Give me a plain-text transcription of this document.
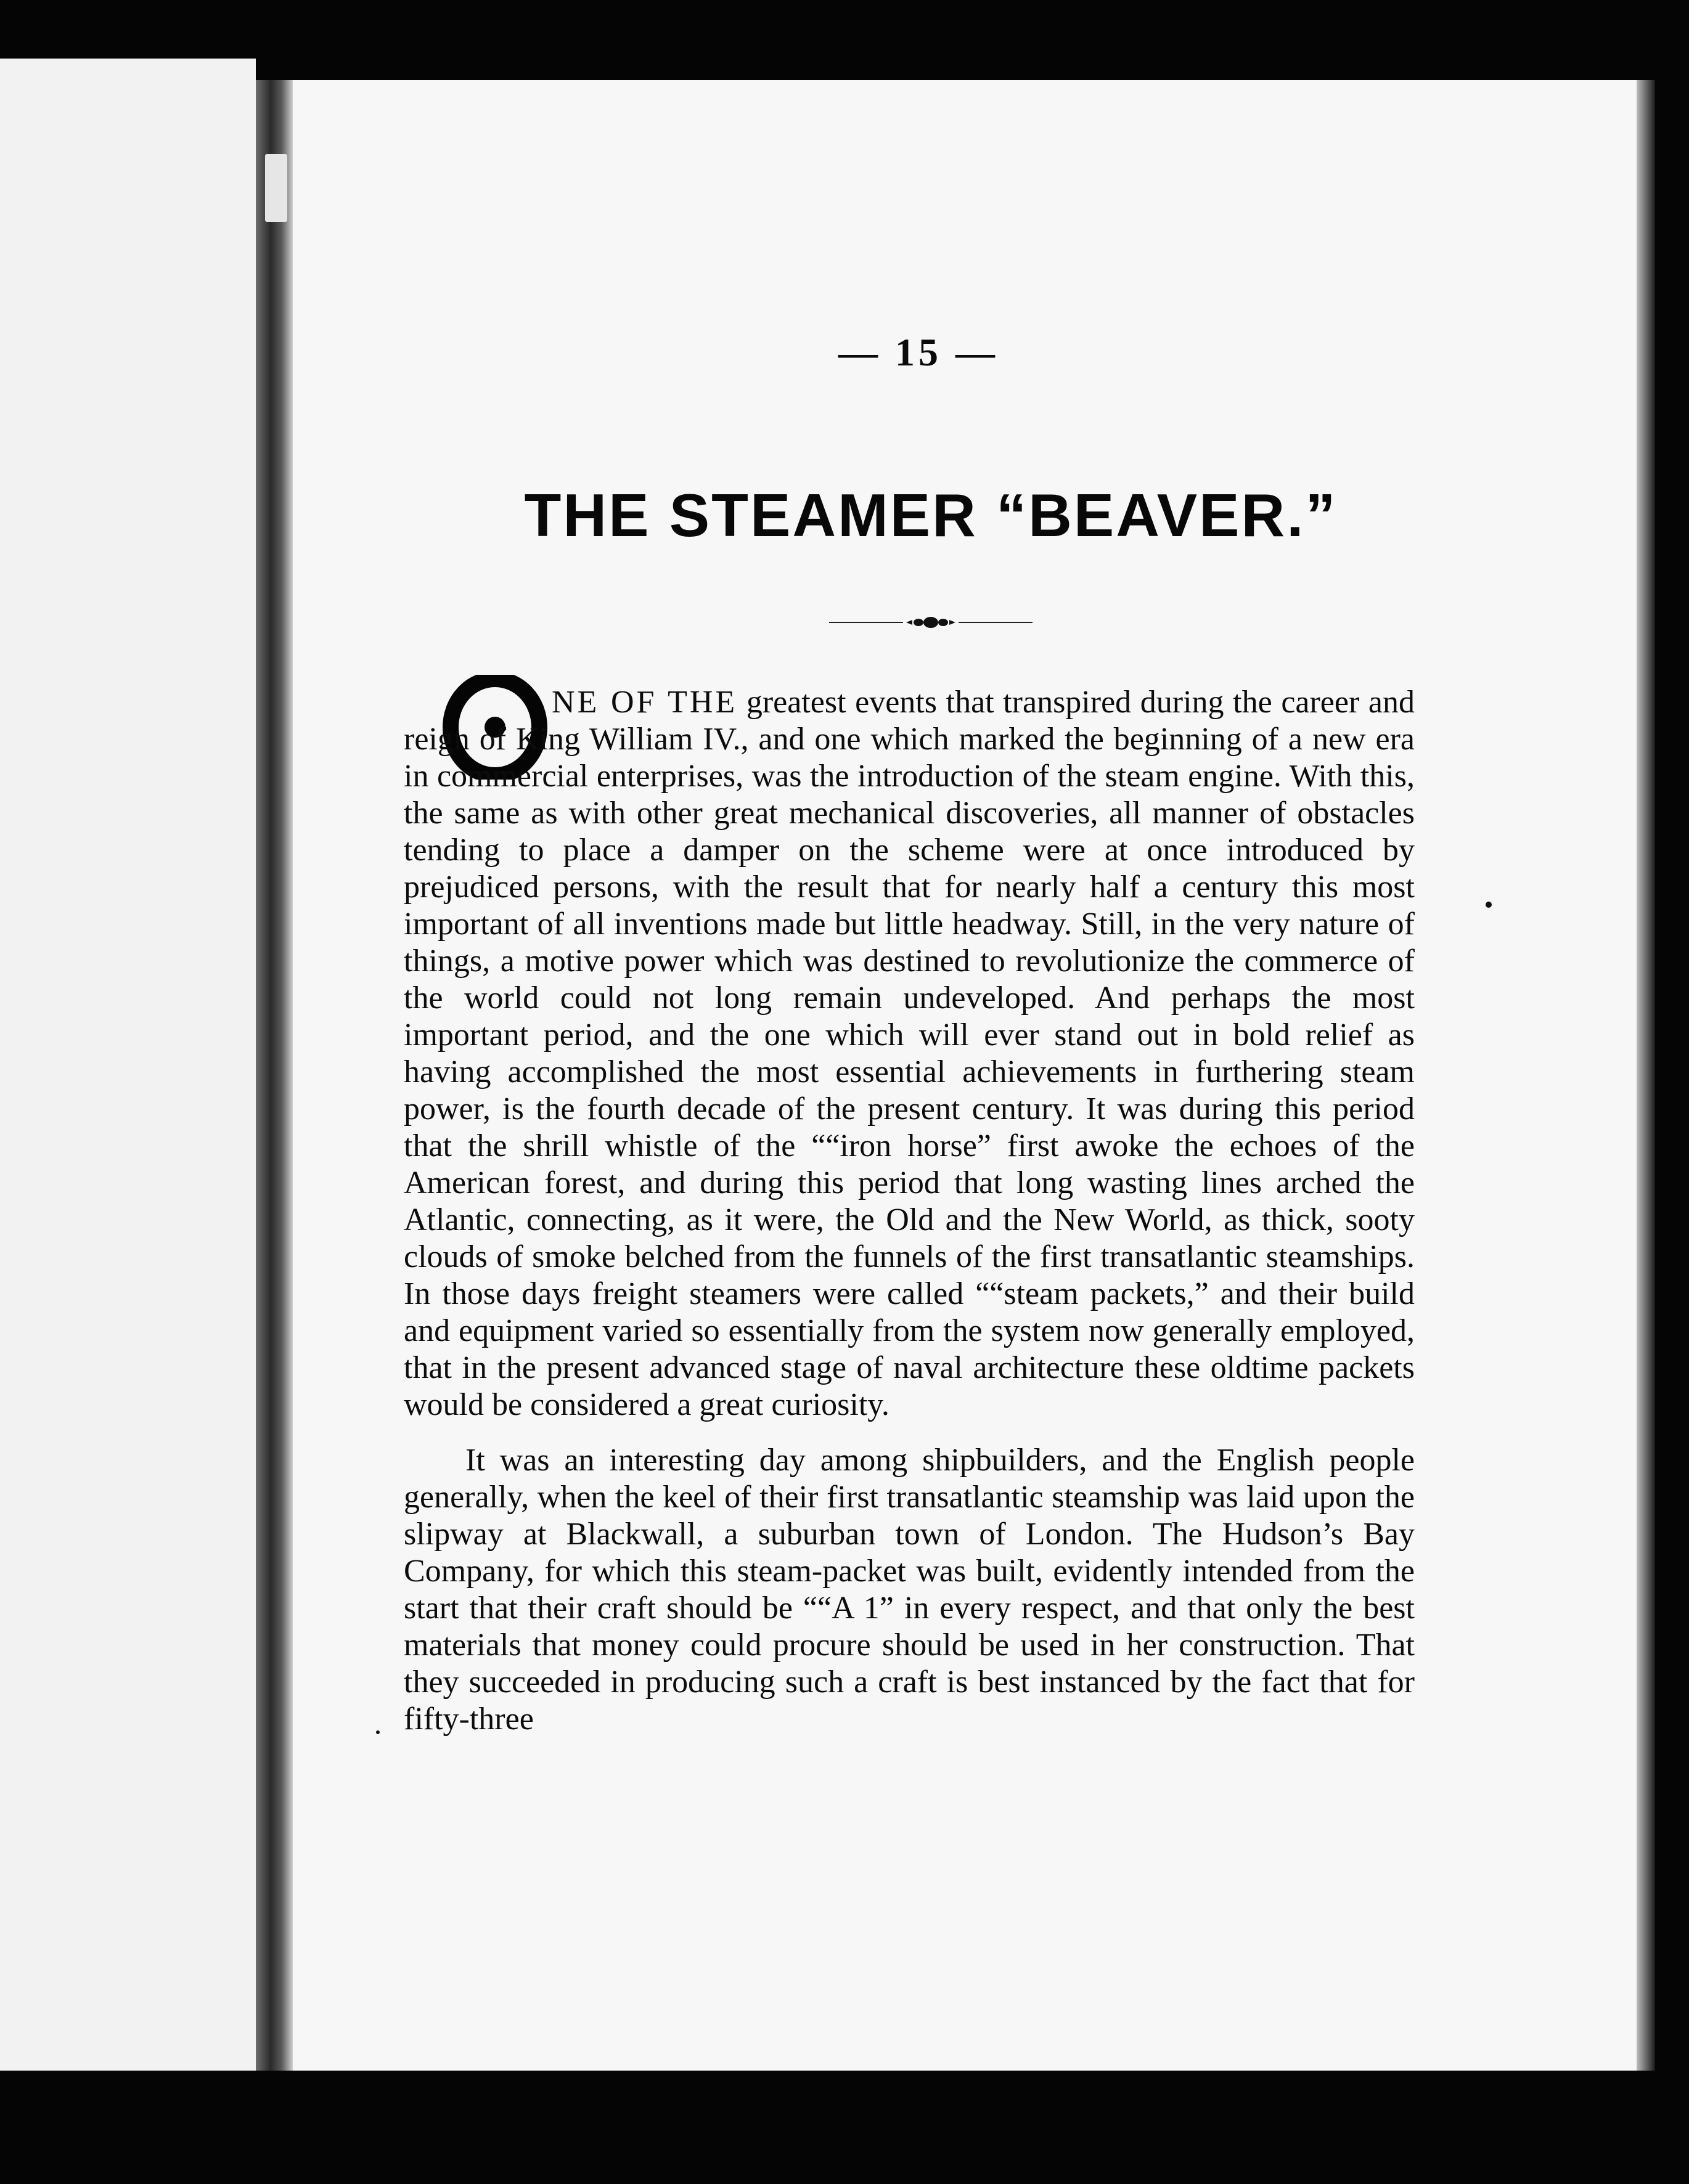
— 15 —
THE STEAMER “BEAVER.”

NE OF THE greatest events that transpired during the career and reign of King William IV., and one which marked the beginning of a new era in commercial enterprises, was the introduction of the steam engine. With this, the same as with other great mechanical discoveries, all manner of obstacles tending to place a damper on the scheme were at once introduced by prejudiced persons, with the result that for nearly half a century this most important of all inventions made but little headway. Still, in the very nature of things, a motive power which was destined to revolutionize the commerce of the world could not long remain undeveloped. And perhaps the most important period, and the one which will ever stand out in bold relief as having accomplished the most essential achievements in furthering steam power, is the fourth decade of the present century. It was during this period that the shrill whistle of the ““iron horse” first awoke the echoes of the American forest, and during this period that long wasting lines arched the Atlantic, connecting, as it were, the Old and the New World, as thick, sooty clouds of smoke belched from the funnels of the first transatlantic steamships. In those days freight steamers were called ““steam packets,” and their build and equipment varied so essentially from the system now generally employed, that in the present advanced stage of naval architecture these oldtime packets would be considered a great curiosity.

It was an interesting day among shipbuilders, and the English people generally, when the keel of their first transatlantic steamship was laid upon the slipway at Blackwall, a suburban town of London. The Hudson’s Bay Company, for which this steam-packet was built, evidently intended from the start that their craft should be ““A 1” in every respect, and that only the best materials that money could procure should be used in her construction. That they succeeded in producing such a craft is best instanced by the fact that for fifty-three
